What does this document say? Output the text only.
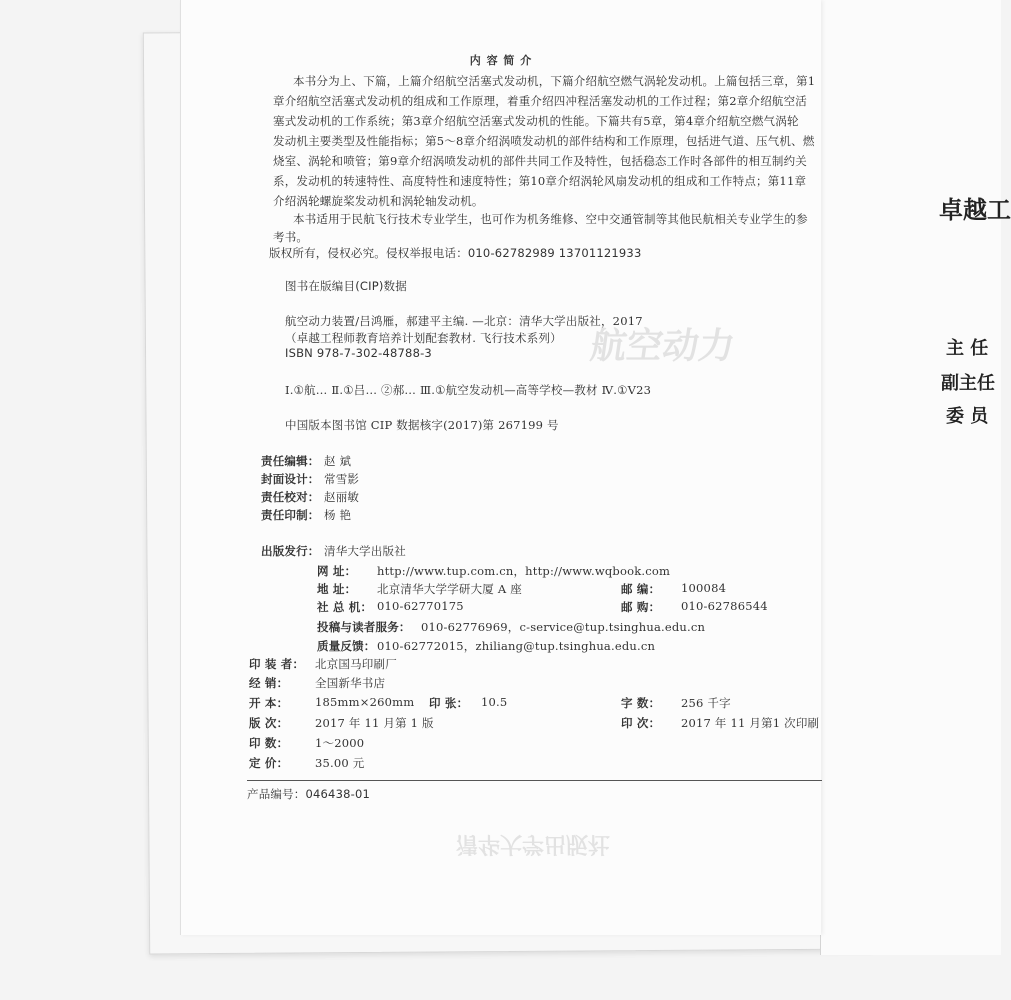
卓越工
主 任
副主任
委 员
航空动力
清华大学出版社
内 容 简 介
本书分为上、下篇，上篇介绍航空活塞式发动机，下篇介绍航空燃气涡轮发动机。上篇包括三章，第1
章介绍航空活塞式发动机的组成和工作原理，着重介绍四冲程活塞发动机的工作过程；第2章介绍航空活
塞式发动机的工作系统；第3章介绍航空活塞式发动机的性能。下篇共有5章，第4章介绍航空燃气涡轮
发动机主要类型及性能指标；第5～8章介绍涡喷发动机的部件结构和工作原理，包括进气道、压气机、燃
烧室、涡轮和喷管；第9章介绍涡喷发动机的部件共同工作及特性，包括稳态工作时各部件的相互制约关
系，发动机的转速特性、高度特性和速度特性；第10章介绍涡轮风扇发动机的组成和工作特点；第11章
介绍涡轮螺旋桨发动机和涡轮轴发动机。
本书适用于民航飞行技术专业学生，也可作为机务维修、空中交通管制等其他民航相关专业学生的参
考书。
版权所有，侵权必究。侵权举报电话：010-62782989 13701121933
图书在版编目(CIP)数据
航空动力装置/吕鸿雁，郝建平主编. —北京：清华大学出版社，2017
（卓越工程师教育培养计划配套教材. 飞行技术系列）
ISBN 978-7-302-48788-3
Ⅰ.①航… Ⅱ.①吕… ②郝… Ⅲ.①航空发动机—高等学校—教材 Ⅳ.①V23
中国版本图书馆 CIP 数据核字(2017)第 267199 号
责任编辑： 赵 斌
封面设计： 常雪影
责任校对： 赵丽敏
责任印制： 杨 艳
出版发行： 清华大学出版社
网 址： http://www.tup.com.cn，http://www.wqbook.com
地 址： 北京清华大学学研大厦 A 座	邮 编： 100084
社 总 机： 010-62770175	邮 购： 010-62786544
投稿与读者服务： 010-62776969，c-service@tup.tsinghua.edu.cn
质量反馈： 010-62772015，zhiliang@tup.tsinghua.edu.cn
印 装 者： 北京国马印刷厂
经 销： 全国新华书店
开 本： 185mm×260mm 印 张： 10.5	字 数： 256 千字
版 次： 2017 年 11 月第 1 版	印 次： 2017 年 11 月第1 次印刷
印 数： 1～2000
定 价： 35.00 元
产品编号：046438-01
